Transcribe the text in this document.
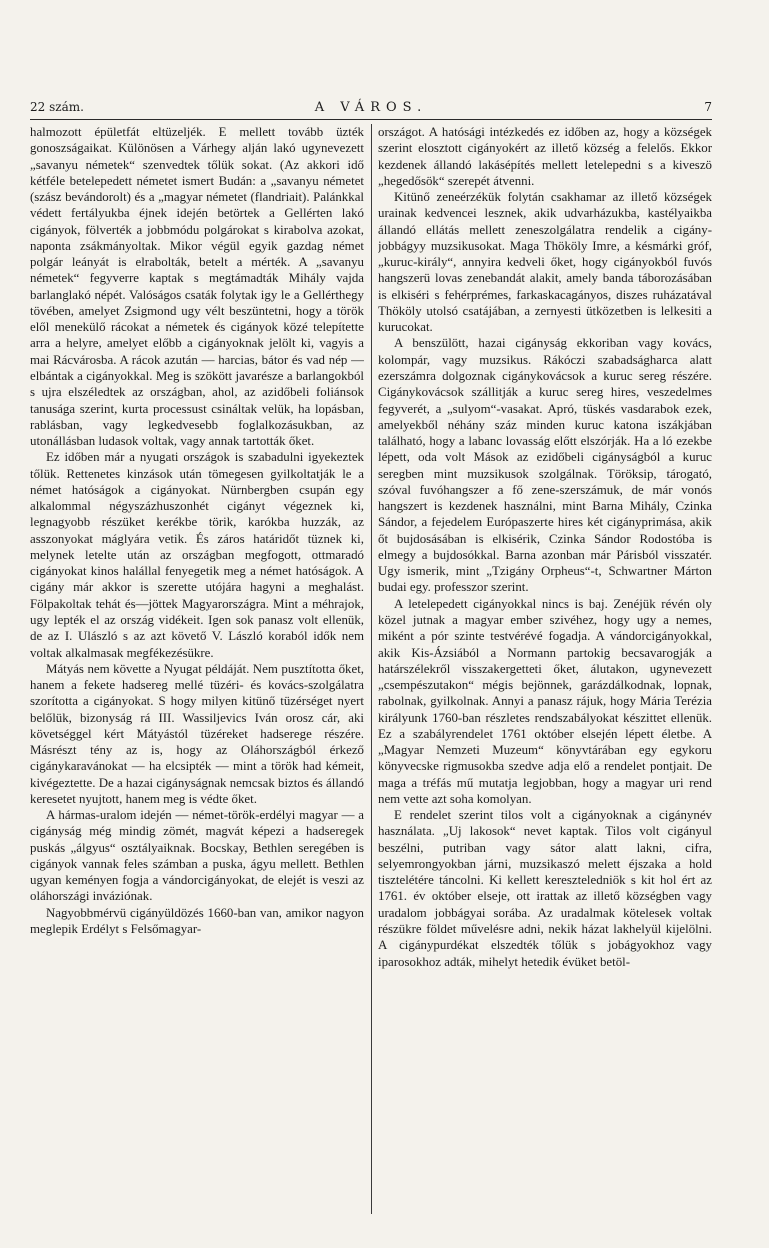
22 szám.	A VÁROS.	7

halmozott épületfát eltüzeljék. E mellett tovább üzték gonoszságaikat. Különösen a Várhegy alján lakó ugynevezett „savanyu németek“ szenvedtek tőlük sokat. (Az akkori idő kétféle betelepedett németet ismert Budán: a „savanyu németet (szász bevándorolt) és a „magyar németet (flandriait). Palánkkal védett fertályukba éjnek idején betörtek a Gellérten lakó cigányok, fölverték a jobbmódu polgárokat s kirabolva azokat, naponta zsákmányoltak. Mikor végül egyik gazdag német polgár leányát is elrabolták, betelt a mérték. A „savanyu németek“ fegyverre kaptak s megtámadták Mihály vajda barlanglakó népét. Valóságos csaták folytak igy le a Gellérthegy tövében, amelyet Zsigmond ugy vélt beszüntetni, hogy a török elől menekülő rácokat a németek és cigányok közé telepítette arra a helyre, amelyet előbb a cigányoknak jelölt ki, vagyis a mai Rácvárosba. A rácok azután — harcias, bátor és vad nép — elbántak a cigányokkal. Meg is szökött javarésze a barlangokból s ujra elszéledtek az országban, ahol, az azidőbeli foliánsok tanusága szerint, kurta processust csináltak velük, ha lopásban, rablásban, vagy legkedvesebb foglalkozásukban, az utonállásban ludasok voltak, vagy annak tartották őket.

Ez időben már a nyugati országok is szabadulni igyekeztek tőlük. Rettenetes kinzások után tömegesen gyilkoltatják le a német hatóságok a cigányokat. Nürnbergben csupán egy alkalommal négyszázhuszonhét cigányt végeznek ki, legnagyobb részüket kerékbe törik, karókba huzzák, az asszonyokat máglyára vetik. És záros határidőt tüznek ki, melynek letelte után az országban megfogott, ottmaradó cigányokat kinos halállal fenyegetik meg a német hatóságok. A cigány már akkor is szerette utójára hagyni a meghalást. Fölpakoltak tehát és—jöttek Magyarországra. Mint a méhrajok, ugy lepték el az ország vidékeit. Igen sok panasz volt ellenük, de az I. Ulászló s az azt követő V. László koraból idők nem voltak alkalmasak megfékezésükre.

Mátyás nem követte a Nyugat példáját. Nem pusztította őket, hanem a fekete hadsereg mellé tüzéri- és kovács-szolgálatra szorította a cigányokat. S hogy milyen kitünő tüzérséget nyert belőlük, bizonyság rá III. Wassiljevics Iván orosz cár, aki követséggel kért Mátyástól tüzéreket hadserege részére. Másrészt tény az is, hogy az Oláhországból érkező cigánykaravánokat — ha elcsipték — mint a török had kémeit, kivégeztette. De a hazai cigányságnak nemcsak biztos és állandó keresetet nyujtott, hanem meg is védte őket.

A hármas-uralom idején — német-török-erdélyi magyar — a cigányság még mindig zömét, magvát képezi a hadseregek puskás „álgyus“ osztályaiknak. Bocskay, Bethlen seregében is cigányok vannak feles számban a puska, ágyu mellett. Bethlen ugyan keményen fogja a vándorcigányokat, de elejét is veszi az oláhországi inváziónak.

Nagyobbmérvü cigányüldözés 1660-ban van, amikor nagyon meglepik Erdélyt s Felsőmagyar-

országot. A hatósági intézkedés ez időben az, hogy a községek szerint elosztott cigányokért az illető község a felelős. Ekkor kezdenek állandó lakásépítés mellett letelepedni s a kiveszö „hegedősök“ szerepét átvenni.

Kitünő zeneérzékük folytán csakhamar az illető községek urainak kedvencei lesznek, akik udvarházukba, kastélyaikba állandó ellátás mellett zeneszolgálatra rendelik a cigány-jobbágyy muzsikusokat. Maga Thököly Imre, a késmárki gróf, „kuruc-király“, annyira kedveli őket, hogy cigányokból fuvós hangszerü lovas zenebandát alakit, amely banda táborozásában is elkiséri s fehérprémes, farkaskacagányos, diszes ruházatával Thököly utolsó csatájában, a zernyesti ütközetben is lelkesiti a kurucokat.

A benszülött, hazai cigányság ekkoriban vagy kovács, kolompár, vagy muzsikus. Rákóczi szabadságharca alatt ezerszámra dolgoznak cigánykovácsok a kuruc sereg részére. Cigánykovácsok szállitják a kuruc sereg hires, veszedelmes fegyverét, a „sulyom“-vasakat. Apró, tüskés vasdarabok ezek, amelyekből néhány száz minden kuruc katona iszákjában található, hogy a labanc lovasság előtt elszórják. Ha a ló ezekbe lépett, oda volt Mások az ezidőbeli cigányságból a kuruc seregben mint muzsikusok szolgálnak. Töröksip, tárogató, szóval fuvóhangszer a fő zene-szerszámuk, de már vonós hangszert is kezdenek használni, mint Barna Mihály, Czinka Sándor, a fejedelem Európaszerte hires két cigányprimása, akik őt bujdosásában is elkisérik, Czinka Sándor Rodostóba is elmegy a bujdosókkal. Barna azonban már Párisból visszatér. Ugy ismerik, mint „Tzigány Orpheus“-t, Schwartner Márton budai egy. professzor szerint.

A letelepedett cigányokkal nincs is baj. Zenéjük révén oly közel jutnak a magyar ember szivéhez, hogy ugy a nemes, miként a pór szinte testvérévé fogadja. A vándorcigányokkal, akik Kis-Ázsiából a Normann partokig becsavarogják a határszélekről visszakergetteti őket, álutakon, ugynevezett „csempészutakon“ mégis bejönnek, garázdálkodnak, lopnak, rabolnak, gyilkolnak. Annyi a panasz rájuk, hogy Mária Terézia királyunk 1760-ban részletes rendszabályokat készittet ellenük. Ez a szabályrendelet 1761 október elsején lépett életbe. A „Magyar Nemzeti Muzeum“ könyvtárában egy egykoru könyvecske rigmusokba szedve adja elő a rendelet pontjait. De maga a tréfás mű mutatja legjobban, hogy a magyar uri rend nem vette azt soha komolyan.

E rendelet szerint tilos volt a cigányoknak a cigánynév használata. „Uj lakosok“ nevet kaptak. Tilos volt cigányul beszélni, putriban vagy sátor alatt lakni, cifra, selyemrongyokban járni, muzsikaszó melett éjszaka a hold tisztelétére táncolni. Ki kellett kereszteledniök s kit hol ért az 1761. év október elseje, ott irattak az illető községben vagy uradalom jobbágyai sorába. Az uradalmak kötelesek voltak részükre földet művelésre adni, nekik házat lakhelyül kijelölni. A cigánypurdékat elszedték tőlük s jobágyokhoz vagy iparosokhoz adták, mihelyt hetedik évüket betöl-
